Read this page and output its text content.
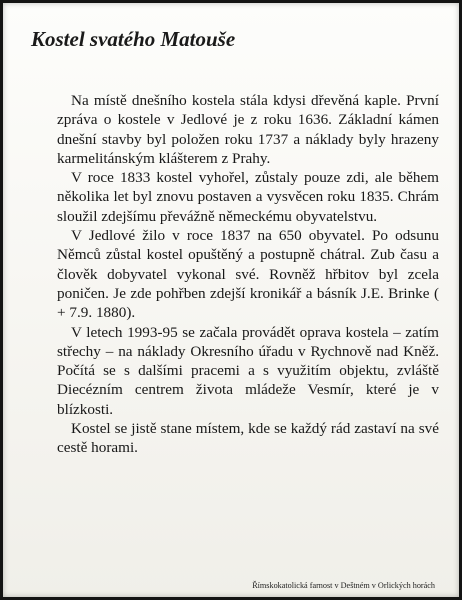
Kostel svatého Matouše

Na místě dnešního kostela stála kdysi dřevěná kaple. První zpráva o kostele v Jedlové je z roku 1636. Základní kámen dnešní stavby byl položen roku 1737 a náklady byly hrazeny karmelitánským klášterem z Prahy.

V roce 1833 kostel vyhořel, zůstaly pouze zdi, ale během několika let byl znovu postaven a vysvěcen roku 1835. Chrám sloužil zdejšímu převážně německému obyvatelstvu.

V Jedlové žilo v roce 1837 na 650 obyvatel. Po odsunu Němců zůstal kostel opuštěný a postupně chátral. Zub času a člověk dobyvatel vykonal své. Rovněž hřbitov byl zcela poničen. Je zde pohřben zdejší kronikář a básník J.E. Brinke ( + 7.9. 1880).

V letech 1993-95 se začala provádět oprava kostela – zatím střechy – na náklady Okresního úřadu v Rychnově nad Kněž. Počítá se s dalšími pracemi a s využitím objektu, zvláště Diecézním centrem života mládeže Vesmír, které je v blízkosti.

Kostel se jistě stane místem, kde se každý rád zastaví na své cestě horami.

Římskokatolická farnost v Deštném v Orlických horách
